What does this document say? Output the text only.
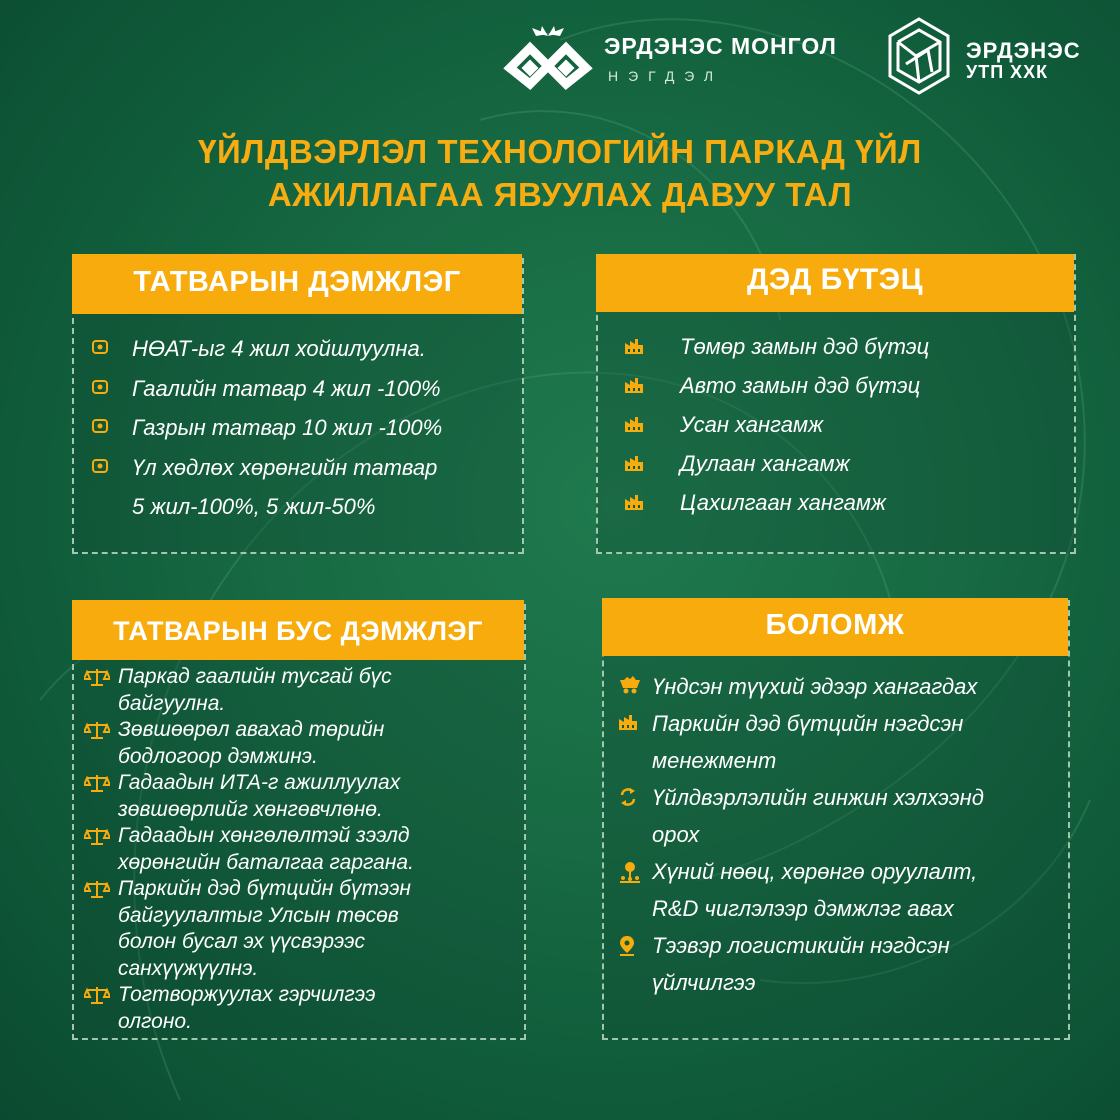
ЭРДЭНЭС МОНГОЛ
НЭГДЭЛ
ЭРДЭНЭС
УТП ХХК
ҮЙЛДВЭРЛЭЛ ТЕХНОЛОГИЙН ПАРКАД ҮЙЛ
АЖИЛЛАГАА ЯВУУЛАХ ДАВУУ ТАЛ
ТАТВАРЫН ДЭМЖЛЭГ
НӨАТ-ыг 4 жил хойшлуулна.
Гаалийн татвар 4 жил -100%
Газрын татвар 10 жил -100%
Үл хөдлөх хөрөнгийн татвар
5 жил-100%, 5 жил-50%
ДЭД БҮТЭЦ
Төмөр замын дэд бүтэц
Авто замын дэд бүтэц
Усан хангамж
Дулаан хангамж
Цахилгаан хангамж
ТАТВАРЫН БУС ДЭМЖЛЭГ
Паркад гаалийн тусгай бүс
байгуулна.
Зөвшөөрөл авахад төрийн
бодлогоор дэмжинэ.
Гадаадын ИТА-г ажиллуулах
зөвшөөрлийг хөнгөвчлөнө.
Гадаадын хөнгөлөлтэй зээлд
хөрөнгийн баталгаа гаргана.
Паркийн дэд бүтцийн бүтээн
байгуулалтыг Улсын төсөв
болон бусал эх үүсвэрээс
санхүүжүүлнэ.
Тогтворжуулах гэрчилгээ
олгоно.
БОЛОМЖ
Үндсэн түүхий эдээр хангагдах
Паркийн дэд бүтцийн нэгдсэн
менежмент
Үйлдвэрлэлийн гинжин хэлхээнд
орох
Хүний нөөц, хөрөнгө оруулалт,
R&D чиглэлээр дэмжлэг авах
Тээвэр логистикийн нэгдсэн
үйлчилгээ
